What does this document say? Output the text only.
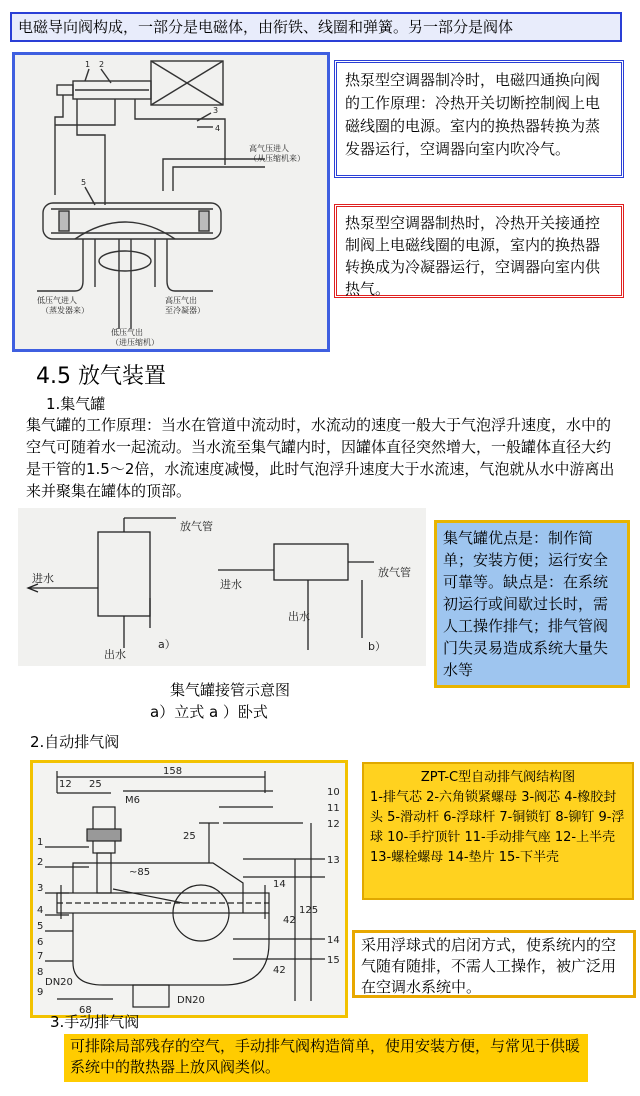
电磁导向阀构成，一部分是电磁体，由衔铁、线圈和弹簧。另一部分是阀体
1 2
3
4
5
高气压进人
（从压缩机来）
低压气进人
（蒸发器来）
高压气出
至冷凝器）
低压气出
（进压缩机）
热泵型空调器制冷时，电磁四通换向阀的工作原理：冷热开关切断控制阀上电磁线圈的电源。室内的换热器转换为蒸发器运行，空调器向室内吹冷气。
热泵型空调器制热时，冷热开关接通控制阀上电磁线圈的电源，室内的换热器转换成为冷凝器运行，空调器向室内供热气。
4.5 放气装置
1.集气罐
集气罐的工作原理：当水在管道中流动时，水流动的速度一般大于气泡浮升速度，水中的空气可随着水一起流动。当水流至集气罐内时，因罐体直径突然增大，一般罐体直径大约是干管的1.5～2倍，水流速度减慢，此时气泡浮升速度大于水流速，气泡就从水中游离出来并聚集在罐体的顶部。
放气管
进水
出水
a）
放气管
进水
出水
b）
集气罐优点是：制作简单；安装方便；运行安全可靠等。缺点是：在系统初运行或间歇过长时，需人工操作排气；排气管阀门失灵易造成系统大量失水等
集气罐接管示意图
a）立式 a ）卧式
2.自动排气阀
12 25
158
M6
1
2
3
4
5
6
7
8
9
10
11
12
13
14
15
25
~85
14
42
42
125
DN20
DN20
68
ZPT-C型自动排气阀结构图
1-排气芯 2-六角锁紧螺母 3-阀芯 4-橡胶封头 5-滑动杆 6-浮球杆 7-铜锁钉 8-铆钉 9-浮球 10-手拧顶针 11-手动排气座 12-上半壳 13-螺栓螺母 14-垫片 15-下半壳
采用浮球式的启闭方式，使系统内的空气随有随排，不需人工操作，被广泛用在空调水系统中。
3.手动排气阀
可排除局部残存的空气，手动排气阀构造简单，使用安装方便，与常见于供暖系统中的散热器上放风阀类似。
